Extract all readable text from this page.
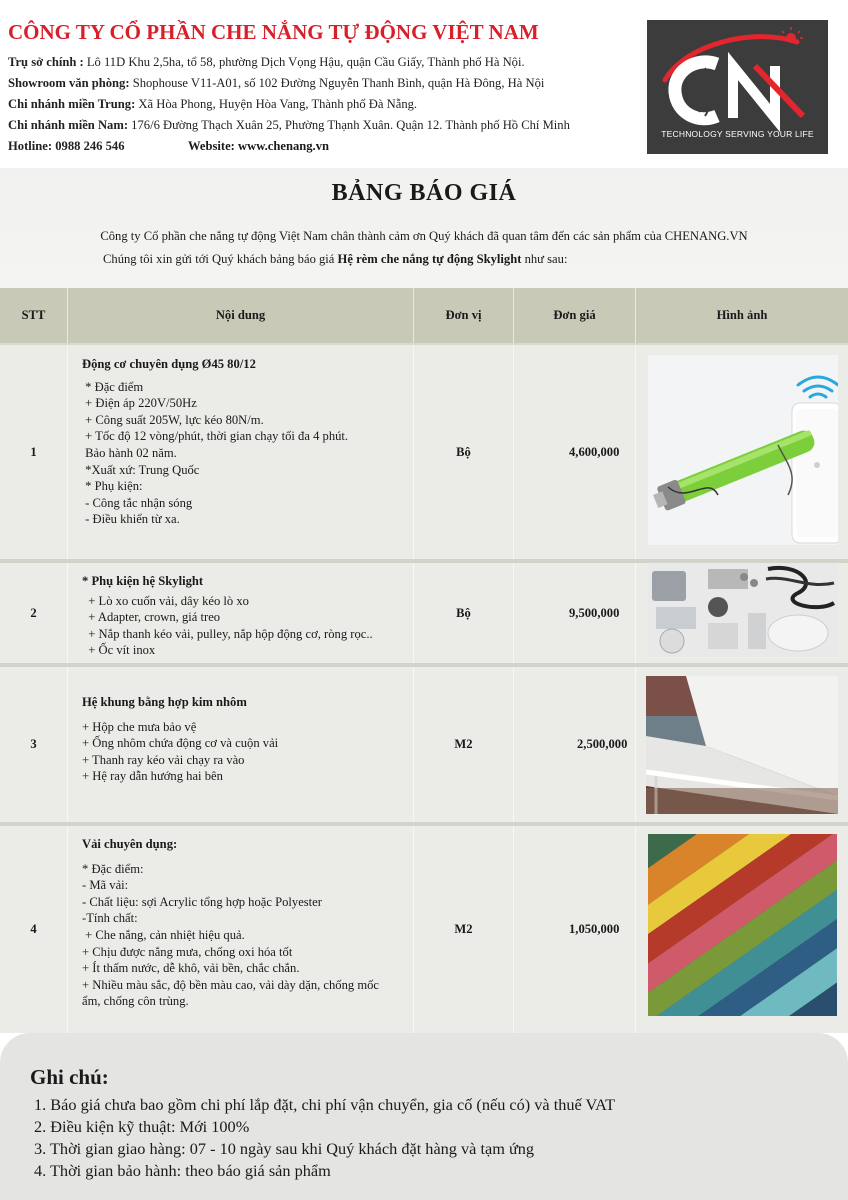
CÔNG TY CỔ PHẦN CHE NẮNG TỰ ĐỘNG VIỆT NAM
Trụ sở chính : Lô 11D Khu 2,5ha, tổ 58, phường Dịch Vọng Hậu, quận Cầu Giấy, Thành phố Hà Nội.
Showroom văn phòng: Shophouse V11-A01, số 102 Đường Nguyễn Thanh Bình, quận Hà Đông, Hà Nội
Chi nhánh miền Trung: Xã Hòa Phong, Huyện Hòa Vang, Thành phố Đà Nẵng.
Chi nhánh miền Nam: 176/6 Đường Thạch Xuân 25, Phường Thạnh Xuân. Quận 12. Thành phố Hồ Chí Minh
Hotline: 0988 246 546	Website: www.chenang.vn
TECHNOLOGY SERVING YOUR LIFE
BẢNG BÁO GIÁ
Công ty Cổ phần che nắng tự động Việt Nam chân thành cảm ơn Quý khách đã quan tâm đến các sản phẩm của CHENANG.VN
Chúng tôi xin gửi tới Quý khách bảng báo giá Hệ rèm che nắng tự động Skylight như sau:
STT	Nội dung	Đơn vị	Đơn giá	Hình ảnh
1
Động cơ chuyên dụng Ø45 80/12
* Đặc điểm
+ Điện áp 220V/50Hz
+ Công suất 205W, lực kéo 80N/m.
+ Tốc độ 12 vòng/phút, thời gian chạy tối đa 4 phút.
Bảo hành 02 năm.
*Xuất xứ: Trung Quốc
* Phụ kiện:
- Công tắc nhận sóng
- Điều khiển từ xa.
Bộ	4,600,000
2
* Phụ kiện hệ Skylight
+ Lò xo cuốn vải, dây kéo lò xo
+ Adapter, crown, giá treo
+ Nắp thanh kéo vải, pulley, nắp hộp động cơ, ròng rọc..
+ Ốc vít inox
Bộ	9,500,000
3
Hệ khung bằng hợp kim nhôm
+ Hộp che mưa bảo vệ
+ Ống nhôm chứa động cơ và cuộn vải
+ Thanh ray kéo vải chạy ra vào
+ Hệ ray dẫn hướng hai bên
M2	2,500,000
4
Vải chuyên dụng:
* Đặc điểm:
- Mã vải:
- Chất liệu: sợi Acrylic tổng hợp hoặc Polyester
-Tính chất:
+ Che nắng, cản nhiệt hiệu quả.
+ Chịu được nắng mưa, chống oxi hóa tốt
+ Ít thấm nước, dễ khô, vải bền, chắc chắn.
+ Nhiều màu sắc, độ bền màu cao, vải dày dặn, chống mốc
ẩm, chống côn trùng.
M2	1,050,000
Ghi chú:
1. Báo giá chưa bao gồm chi phí lắp đặt, chi phí vận chuyển, gia cố (nếu có) và thuế VAT
2. Điều kiện kỹ thuật: Mới 100%
3. Thời gian giao hàng: 07 - 10 ngày sau khi Quý khách đặt hàng và tạm ứng
4. Thời gian bảo hành: theo báo giá sản phẩm
